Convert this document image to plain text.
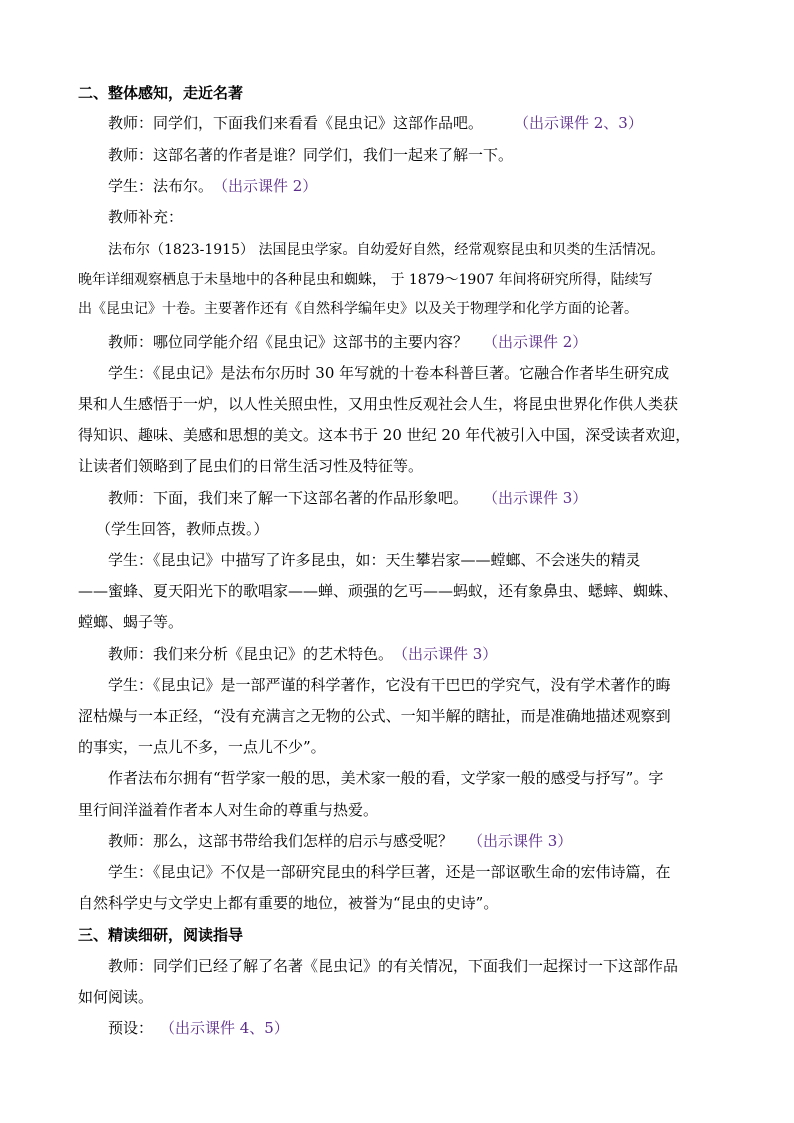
二、整体感知，走近名著
教师：同学们，下面我们来看看《昆虫记》这部作品吧。 （出示课件 2、3）
教师：这部名著的作者是谁？同学们，我们一起来了解一下。
学生：法布尔。 （出示课件 2）
教师补充：
法布尔（1823-1915） 法国昆虫学家。自幼爱好自然，经常观察昆虫和贝类的生活情况。
晚年详细观察栖息于未垦地中的各种昆虫和蜘蛛， 于 1879～1907 年间将研究所得，陆续写
出《昆虫记》十卷。主要著作还有《自然科学编年史》以及关于物理学和化学方面的论著。
教师：哪位同学能介绍《昆虫记》这部书的主要内容？ （出示课件 2）
学生：《昆虫记》是法布尔历时 30 年写就的十卷本科普巨著。它融合作者毕生研究成
果和人生感悟于一炉，以人性关照虫性，又用虫性反观社会人生，将昆虫世界化作供人类获
得知识、趣味、美感和思想的美文。这本书于 20 世纪 20 年代被引入中国，深受读者欢迎，
让读者们领略到了昆虫们的日常生活习性及特征等。
教师：下面，我们来了解一下这部名著的作品形象吧。 （出示课件 3）
（学生回答，教师点拨。）
学生：《昆虫记》中描写了许多昆虫，如：天生攀岩家——螳螂、不会迷失的精灵
——蜜蜂、夏天阳光下的歌唱家——蝉、顽强的乞丐——蚂蚁，还有象鼻虫、蟋蟀、蜘蛛、
螳螂、蝎子等。
教师：我们来分析《昆虫记》的艺术特色。 （出示课件 3）
学生：《昆虫记》是一部严谨的科学著作，它没有干巴巴的学究气，没有学术著作的晦
涩枯燥与一本正经，“没有充满言之无物的公式、一知半解的瞎扯，而是准确地描述观察到
的事实，一点儿不多，一点儿不少”。
作者法布尔拥有“哲学家一般的思，美术家一般的看，文学家一般的感受与抒写”。字
里行间洋溢着作者本人对生命的尊重与热爱。
教师：那么，这部书带给我们怎样的启示与感受呢？ （出示课件 3）
学生：《昆虫记》不仅是一部研究昆虫的科学巨著，还是一部讴歌生命的宏伟诗篇，在
自然科学史与文学史上都有重要的地位，被誉为“昆虫的史诗”。
三、精读细研，阅读指导
教师：同学们已经了解了名著《昆虫记》的有关情况，下面我们一起探讨一下这部作品
如何阅读。
预设： （出示课件 4、5）
